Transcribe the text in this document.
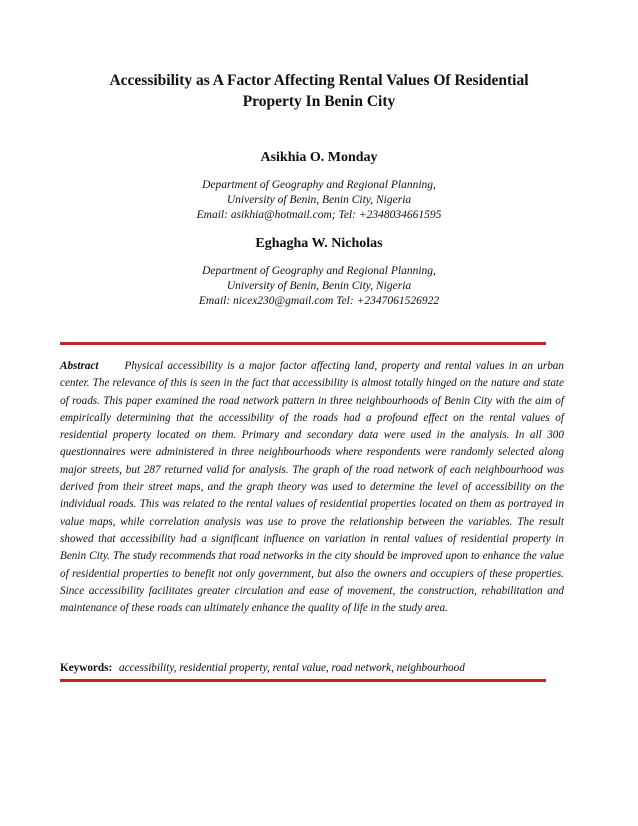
Accessibility as A Factor Affecting Rental Values Of Residential
Property In Benin City
Asikhia O. Monday
Department of Geography and Regional Planning,
University of Benin, Benin City, Nigeria
Email: asikhia@hotmail.com; Tel: +2348034661595
Eghagha W. Nicholas
Department of Geography and Regional Planning,
University of Benin, Benin City, Nigeria
Email: nicex230@gmail.com Tel: +2347061526922
Abstract Physical accessibility is a major factor affecting land, property and rental values in an urban center. The relevance of this is seen in the fact that accessibility is almost totally hinged on the nature and state of roads. This paper examined the road network pattern in three neighbourhoods of Benin City with the aim of empirically determining that the accessibility of the roads had a profound effect on the rental values of residential property located on them. Primary and secondary data were used in the analysis. In all 300 questionnaires were administered in three neighbourhoods where respondents were randomly selected along major streets, but 287 returned valid for analysis. The graph of the road network of each neighbourhood was derived from their street maps, and the graph theory was used to determine the level of accessibility on the individual roads. This was related to the rental values of residential properties located on them as portrayed in value maps, while correlation analysis was use to prove the relationship between the variables. The result showed that accessibility had a significant influence on variation in rental values of residential property in Benin City. The study recommends that road networks in the city should be improved upon to enhance the value of residential properties to benefit not only government, but also the owners and occupiers of these properties. Since accessibility facilitates greater circulation and ease of movement, the construction, rehabilitation and maintenance of these roads can ultimately enhance the quality of life in the study area.
Keywords: accessibility, residential property, rental value, road network, neighbourhood
